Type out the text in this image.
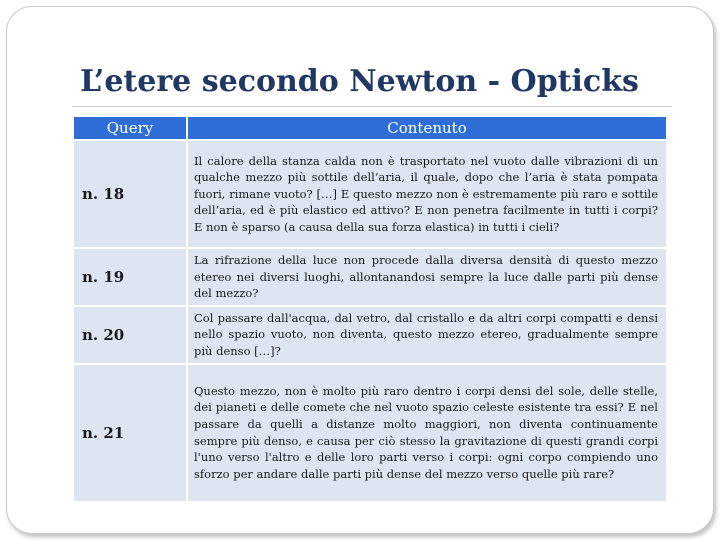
L’etere secondo Newton - Opticks
Query	Contenuto
n. 18	Il calore della stanza calda non è trasportato nel vuoto dalle vibrazioni di un qualche mezzo più sottile dell’aria, il quale, dopo che l’aria è stata pompata fuori, rimane vuoto? […] E questo mezzo non è estremamente più raro e sottile dell’aria, ed è più elastico ed attivo? E non penetra facilmente in tutti i corpi? E non è sparso (a causa della sua forza elastica) in tutti i cieli?
n. 19	La rifrazione della luce non procede dalla diversa densità di questo mezzo etereo nei diversi luoghi, allontanandosi sempre la luce dalle parti più dense del mezzo?
n. 20	Col passare dall'acqua, dal vetro, dal cristallo e da altri corpi compatti e densi nello spazio vuoto, non diventa, questo mezzo etereo, gradualmente sempre più denso […]?
n. 21	Questo mezzo, non è molto più raro dentro i corpi densi del sole, delle stelle, dei pianeti e delle comete che nel vuoto spazio celeste esistente tra essi? E nel passare da quelli a distanze molto maggiori, non diventa continuamente sempre più denso, e causa per ciò stesso la gravitazione di questi grandi corpi l'uno verso l'altro e delle loro parti verso i corpi: ogni corpo compiendo uno sforzo per andare dalle parti più dense del mezzo verso quelle più rare?
